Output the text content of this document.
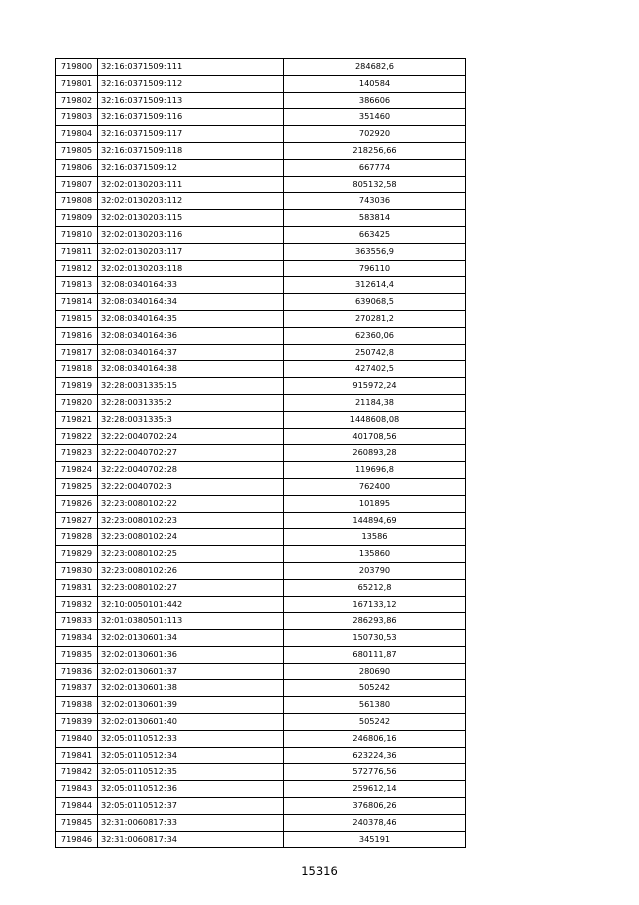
719800	32:16:0371509:111	284682,6
719801	32:16:0371509:112	140584
719802	32:16:0371509:113	386606
719803	32:16:0371509:116	351460
719804	32:16:0371509:117	702920
719805	32:16:0371509:118	218256,66
719806	32:16:0371509:12	667774
719807	32:02:0130203:111	805132,58
719808	32:02:0130203:112	743036
719809	32:02:0130203:115	583814
719810	32:02:0130203:116	663425
719811	32:02:0130203:117	363556,9
719812	32:02:0130203:118	796110
719813	32:08:0340164:33	312614,4
719814	32:08:0340164:34	639068,5
719815	32:08:0340164:35	270281,2
719816	32:08:0340164:36	62360,06
719817	32:08:0340164:37	250742,8
719818	32:08:0340164:38	427402,5
719819	32:28:0031335:15	915972,24
719820	32:28:0031335:2	21184,38
719821	32:28:0031335:3	1448608,08
719822	32:22:0040702:24	401708,56
719823	32:22:0040702:27	260893,28
719824	32:22:0040702:28	119696,8
719825	32:22:0040702:3	762400
719826	32:23:0080102:22	101895
719827	32:23:0080102:23	144894,69
719828	32:23:0080102:24	13586
719829	32:23:0080102:25	135860
719830	32:23:0080102:26	203790
719831	32:23:0080102:27	65212,8
719832	32:10:0050101:442	167133,12
719833	32:01:0380501:113	286293,86
719834	32:02:0130601:34	150730,53
719835	32:02:0130601:36	680111,87
719836	32:02:0130601:37	280690
719837	32:02:0130601:38	505242
719838	32:02:0130601:39	561380
719839	32:02:0130601:40	505242
719840	32:05:0110512:33	246806,16
719841	32:05:0110512:34	623224,36
719842	32:05:0110512:35	572776,56
719843	32:05:0110512:36	259612,14
719844	32:05:0110512:37	376806,26
719845	32:31:0060817:33	240378,46
719846	32:31:0060817:34	345191
15316
